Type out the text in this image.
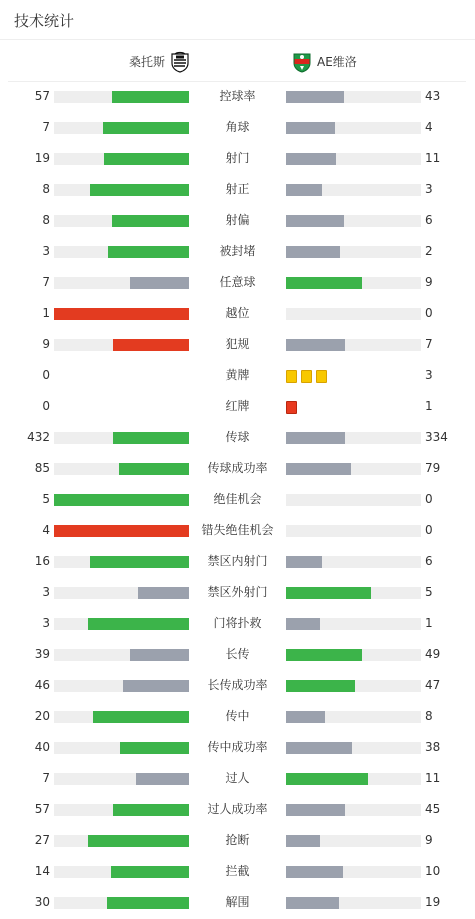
技术统计
桑托斯	AE维洛
57	控球率	43
7	角球	4
19	射门	11
8	射正	3
8	射偏	6
3	被封堵	2
7	任意球	9
1	越位	0
9	犯规	7
0	黄牌	3
0	红牌	1
432	传球	334
85	传球成功率	79
5	绝佳机会	0
4	错失绝佳机会	0
16	禁区内射门	6
3	禁区外射门	5
3	门将扑救	1
39	长传	49
46	长传成功率	47
20	传中	8
40	传中成功率	38
7	过人	11
57	过人成功率	45
27	抢断	9
14	拦截	10
30	解围	19
